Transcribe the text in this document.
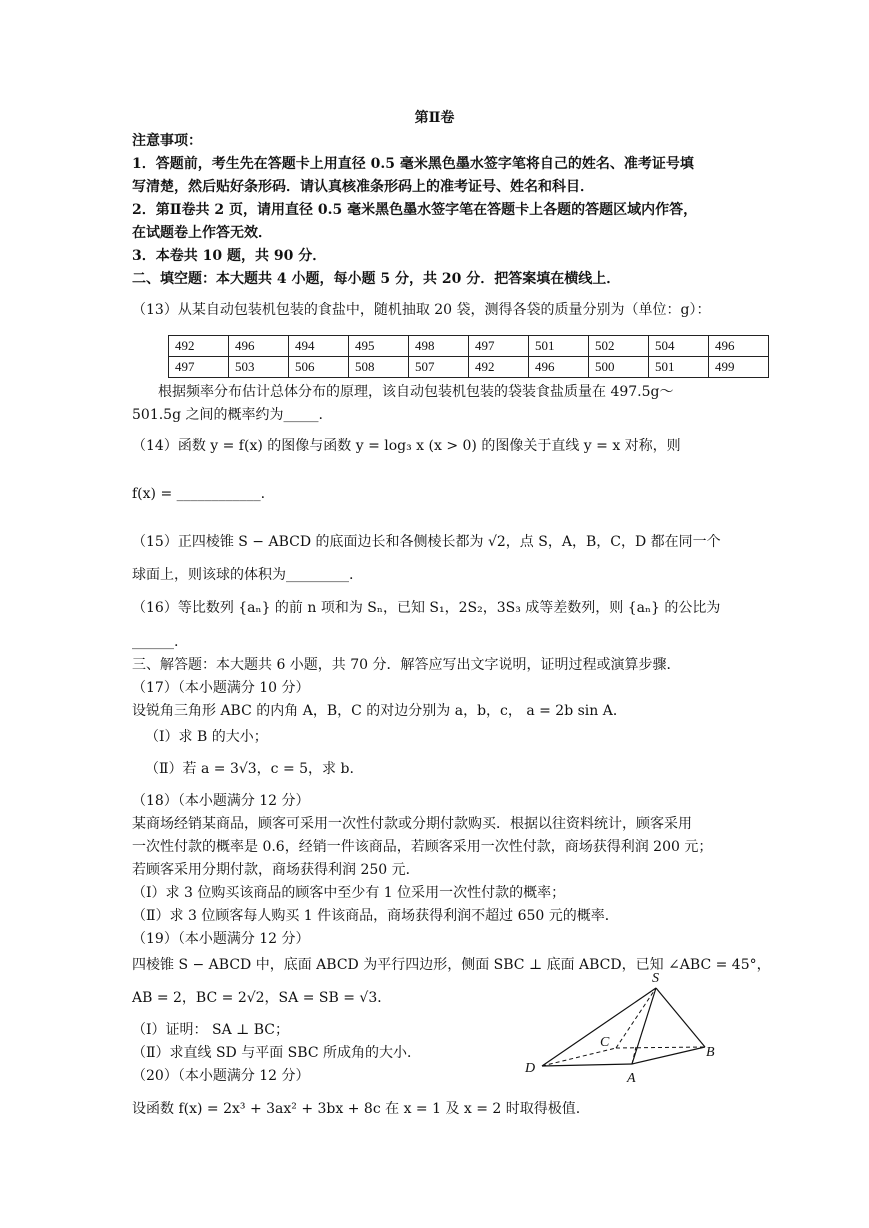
第Ⅱ卷
注意事项：
1．答题前，考生先在答题卡上用直径 0.5 毫米黑色墨水签字笔将自己的姓名、准考证号填
写清楚，然后贴好条形码．请认真核准条形码上的准考证号、姓名和科目．
2．第Ⅱ卷共 2 页，请用直径 0.5 毫米黑色墨水签字笔在答题卡上各题的答题区域内作答，
在试题卷上作答无效．
3．本卷共 10 题，共 90 分．
二、填空题：本大题共 4 小题，每小题 5 分，共 20 分．把答案填在横线上．
（13）从某自动包装机包装的食盐中，随机抽取 20 袋，测得各袋的质量分别为（单位：g）：
492	496	494	495	498	497	501	502	504	496
497	503	506	508	507	492	496	500	501	499
根据频率分布估计总体分布的原理，该自动包装机包装的袋装食盐质量在 497.5g～
501.5g 之间的概率约为_____.
（14）函数 y = f(x) 的图像与函数 y = log₃ x (x > 0) 的图像关于直线 y = x 对称，则
f(x) = ____________.
（15）正四棱锥 S − ABCD 的底面边长和各侧棱长都为 √2，点 S，A，B，C，D 都在同一个
球面上，则该球的体积为_________.
（16）等比数列 {aₙ} 的前 n 项和为 Sₙ，已知 S₁，2S₂，3S₃ 成等差数列，则 {aₙ} 的公比为
______.
三、解答题：本大题共 6 小题，共 70 分．解答应写出文字说明，证明过程或演算步骤．
（17）（本小题满分 10 分）
设锐角三角形 ABC 的内角 A，B，C 的对边分别为 a，b，c， a = 2b sin A．
（Ⅰ）求 B 的大小；
（Ⅱ）若 a = 3√3，c = 5，求 b.
（18）（本小题满分 12 分）
某商场经销某商品，顾客可采用一次性付款或分期付款购买．根据以往资料统计，顾客采用
一次性付款的概率是 0.6，经销一件该商品，若顾客采用一次性付款，商场获得利润 200 元；
若顾客采用分期付款，商场获得利润 250 元．
（Ⅰ）求 3 位购买该商品的顾客中至少有 1 位采用一次性付款的概率；
（Ⅱ）求 3 位顾客每人购买 1 件该商品，商场获得利润不超过 650 元的概率．
（19）（本小题满分 12 分）
四棱锥 S − ABCD 中，底面 ABCD 为平行四边形，侧面 SBC ⊥ 底面 ABCD，已知 ∠ABC = 45°，
AB = 2，BC = 2√2，SA = SB = √3．
（Ⅰ）证明： SA ⊥ BC；
（Ⅱ）求直线 SD 与平面 SBC 所成角的大小．
S
C
B
D
A
（20）（本小题满分 12 分）
设函数 f(x) = 2x³ + 3ax² + 3bx + 8c 在 x = 1 及 x = 2 时取得极值.
